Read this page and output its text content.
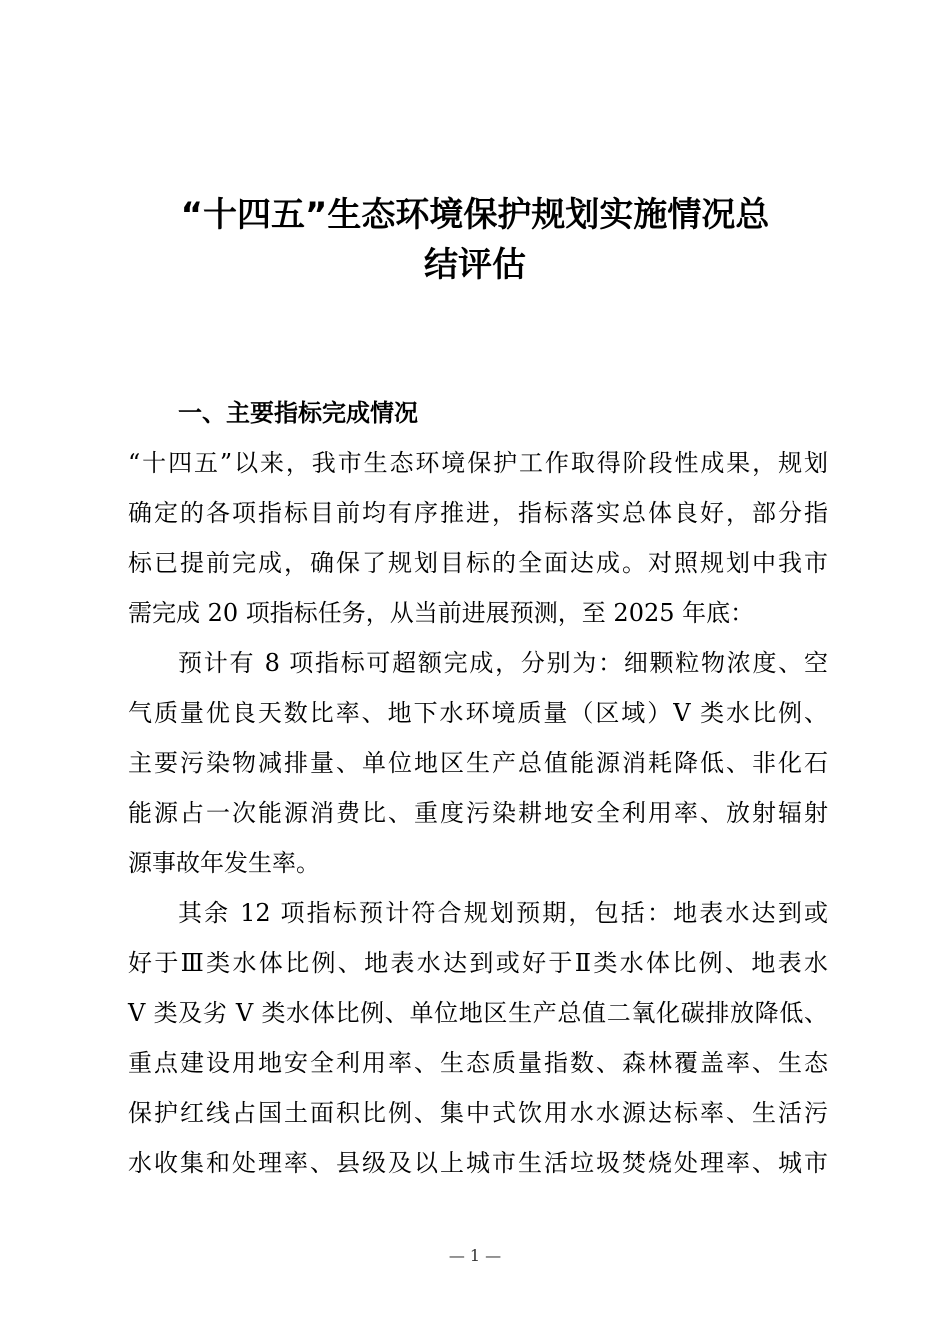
“十四五”生态环境保护规划实施情况总
结评估
一、主要指标完成情况
“十四五”以来，我市生态环境保护工作取得阶段性成果，规划
确定的各项指标目前均有序推进，指标落实总体良好，部分指
标已提前完成，确保了规划目标的全面达成。对照规划中我市
需完成 20 项指标任务，从当前进展预测，至 2025 年底：
预计有 8 项指标可超额完成，分别为：细颗粒物浓度、空
气质量优良天数比率、地下水环境质量（区域）V 类水比例、
主要污染物减排量、单位地区生产总值能源消耗降低、非化石
能源占一次能源消费比、重度污染耕地安全利用率、放射辐射
源事故年发生率。
其余 12 项指标预计符合规划预期，包括：地表水达到或
好于Ⅲ类水体比例、地表水达到或好于Ⅱ类水体比例、地表水
V 类及劣 V 类水体比例、单位地区生产总值二氧化碳排放降低、
重点建设用地安全利用率、生态质量指数、森林覆盖率、生态
保护红线占国土面积比例、集中式饮用水水源达标率、生活污
水收集和处理率、县级及以上城市生活垃圾焚烧处理率、城市
— 1 —
